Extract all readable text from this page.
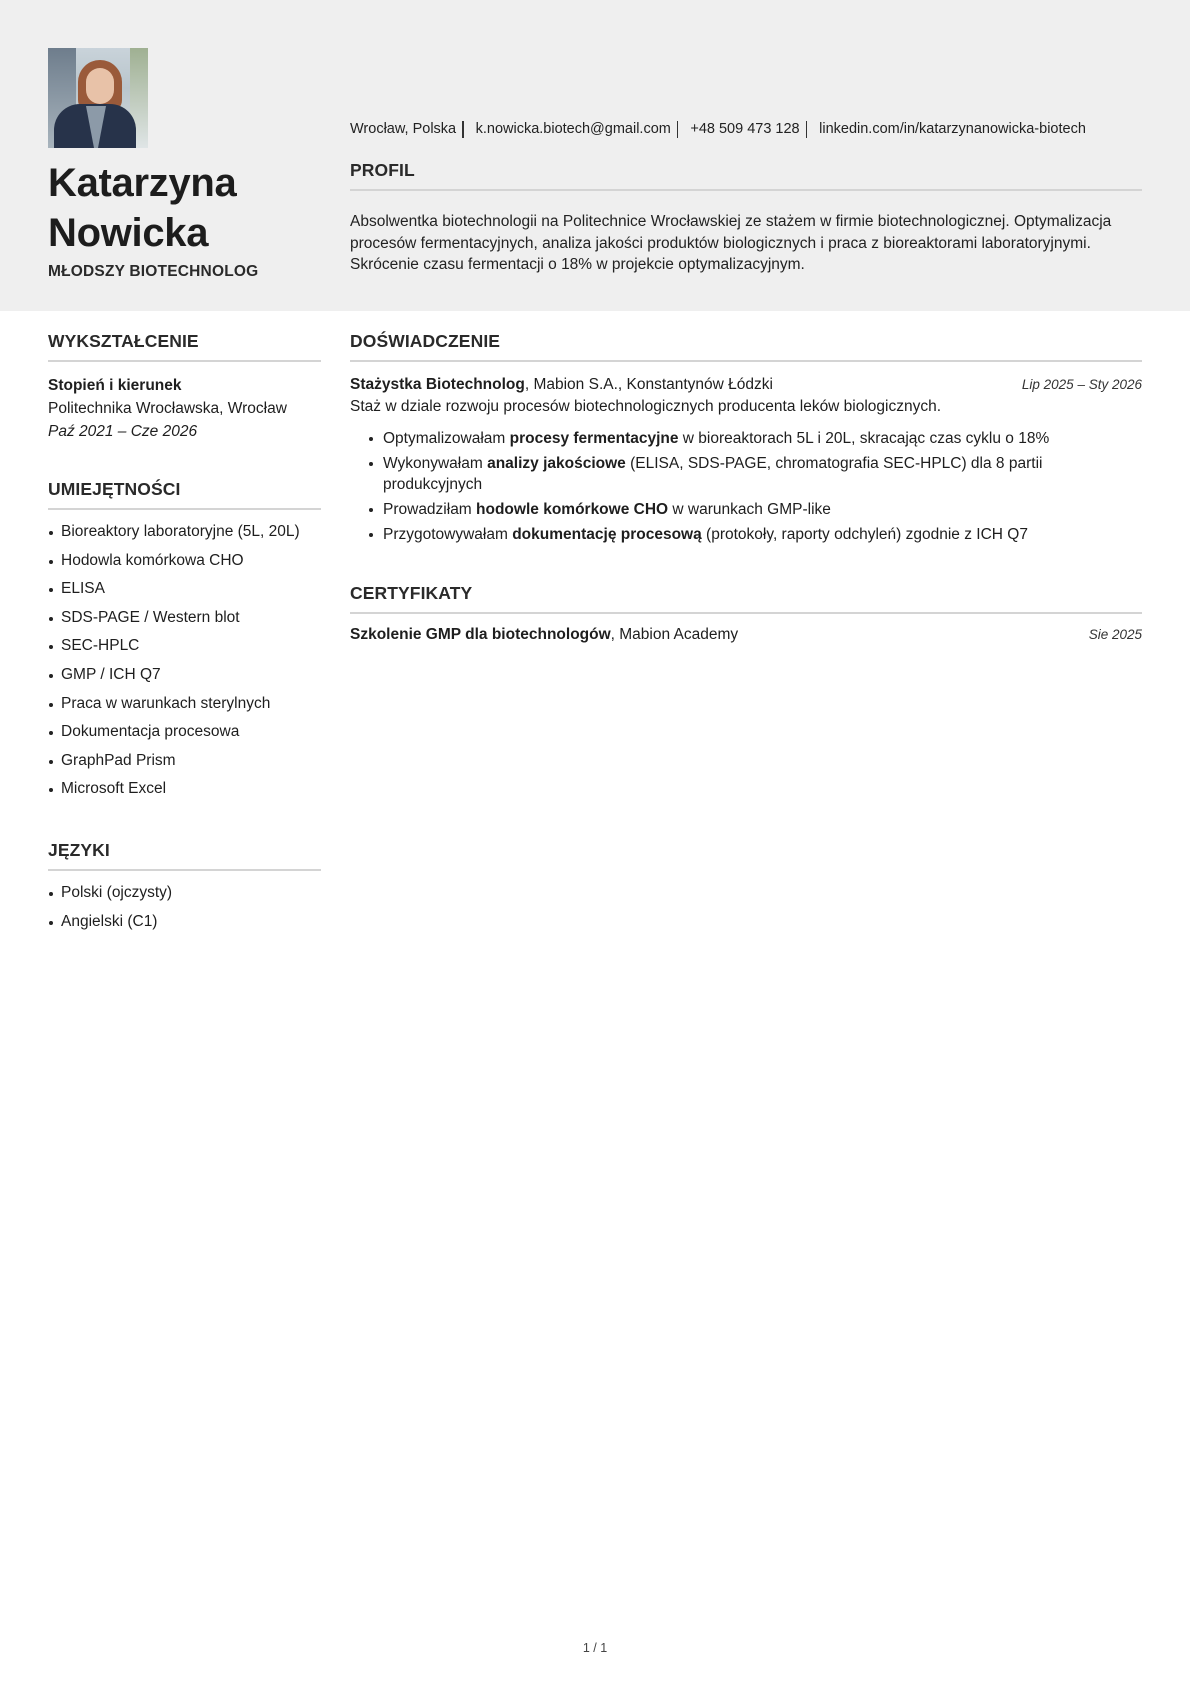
Katarzyna
Nowicka
MŁODSZY BIOTECHNOLOG
Wrocław, Polska k.nowicka.biotech@gmail.com +48 509 473 128 linkedin.com/in/katarzynanowicka-biotech
PROFIL
Absolwentka biotechnologii na Politechnice Wrocławskiej ze stażem w firmie biotechnologicznej. Optymalizacja procesów fermentacyjnych, analiza jakości produktów biologicznych i praca z bioreaktorami laboratoryjnymi. Skrócenie czasu fermentacji o 18% w projekcie optymalizacyjnym.
WYKSZTAŁCENIE
Stopień i kierunek
Politechnika Wrocławska, Wrocław
Paź 2021 – Cze 2026
UMIEJĘTNOŚCI
Bioreaktory laboratoryjne (5L, 20L)
Hodowla komórkowa CHO
ELISA
SDS-PAGE / Western blot
SEC-HPLC
GMP / ICH Q7
Praca w warunkach sterylnych
Dokumentacja procesowa
GraphPad Prism
Microsoft Excel
JĘZYKI
Polski (ojczysty)
Angielski (C1)
DOŚWIADCZENIE
Stażystka Biotechnolog, Mabion S.A., Konstantynów Łódzki	Lip 2025 – Sty 2026
Staż w dziale rozwoju procesów biotechnologicznych producenta leków biologicznych.
Optymalizowałam procesy fermentacyjne w bioreaktorach 5L i 20L, skracając czas cyklu o 18%
Wykonywałam analizy jakościowe (ELISA, SDS-PAGE, chromatografia SEC-HPLC) dla 8 partii produkcyjnych
Prowadziłam hodowle komórkowe CHO w warunkach GMP-like
Przygotowywałam dokumentację procesową (protokoły, raporty odchyleń) zgodnie z ICH Q7
CERTYFIKATY
Szkolenie GMP dla biotechnologów, Mabion Academy	Sie 2025
1 / 1
